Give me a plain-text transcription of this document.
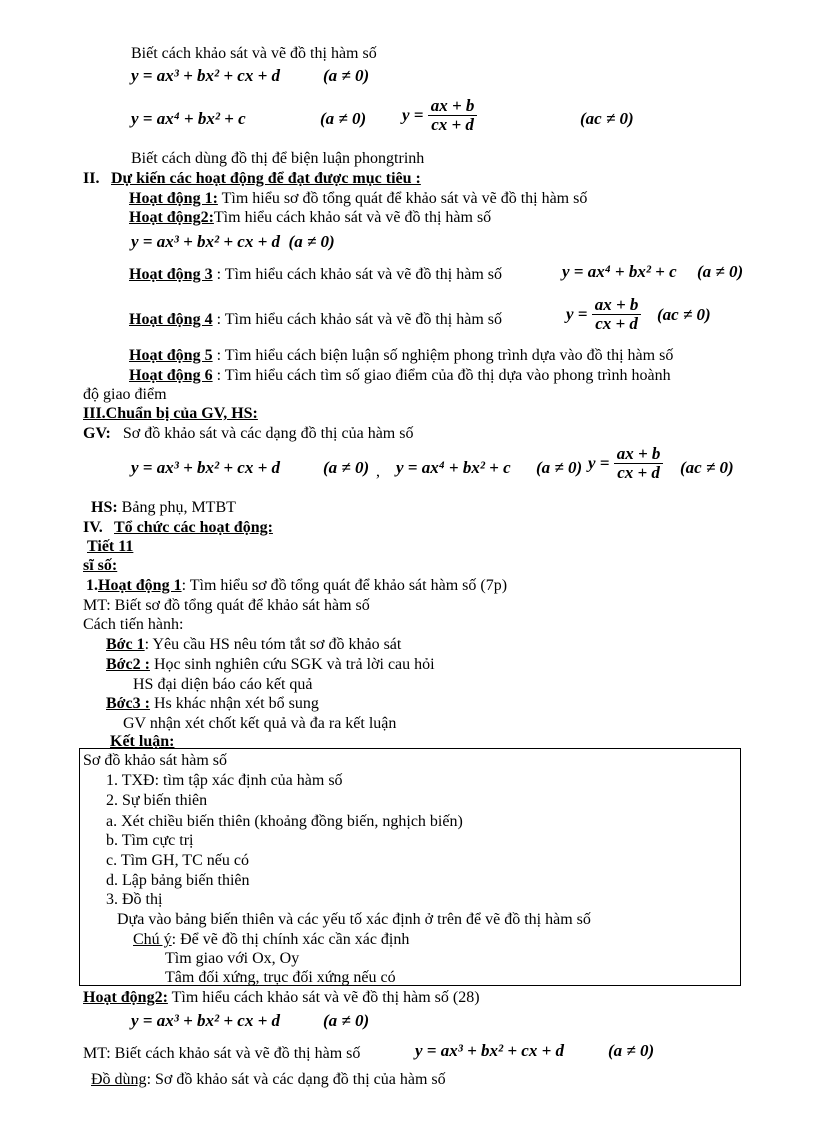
Biết cách khảo sát và vẽ đồ thị hàm số
y = ax³ + bx² + cx + d	(a ≠ 0)
y = ax⁴ + bx² + c	(a ≠ 0) $y = \frac{ax + b}{cx + d}$	(ac ≠ 0)
Biết cách dùng đồ thị để biện luận phongtrinh
II. Dự kiến các hoạt động để đạt được mục tiêu :
Hoạt động 1: Tìm hiểu sơ đồ tổng quát để khảo sát và vẽ đồ thị hàm số
Hoạt động2:Tìm hiểu cách khảo sát và vẽ đồ thị hàm số
y = ax³ + bx² + cx + d (a ≠ 0)
Hoạt động 3 : Tìm hiểu cách khảo sát và vẽ đồ thị hàm số	y = ax⁴ + bx² + c (a ≠ 0)
Hoạt động 4 : Tìm hiểu cách khảo sát và vẽ đồ thị hàm số	$y = \frac{ax + b}{cx + d} (ac \ne 0)$
Hoạt động 5 : Tìm hiểu cách biện luận số nghiệm phong trình dựa vào đồ thị hàm số
Hoạt động 6 : Tìm hiểu cách tìm số giao điểm của đồ thị dựa vào phong trình hoành
độ giao điểm
III.Chuẩn bị của GV, HS:
GV: Sơ đồ khảo sát và các dạng đồ thị của hàm số
y = ax³ + bx² + cx + d	(a ≠ 0) , y = ax⁴ + bx² + c (a ≠ 0) $y = \frac{ax + b}{cx + d} (ac \ne 0)$
HS: Bảng phụ, MTBT
IV. Tổ chức các hoạt động:
Tiết 11
sĩ số:
1.Hoạt động 1: Tìm hiểu sơ đồ tổng quát để khảo sát hàm số (7p)
MT: Biết sơ đồ tổng quát để khảo sát hàm số
Cách tiến hành:
Bớc 1: Yêu cầu HS nêu tóm tắt sơ đồ khảo sát
Bớc2 : Học sinh nghiên cứu SGK và trả lời cau hỏi
HS đại diện báo cáo kết quả
Bớc3 : Hs khác nhận xét bổ sung
GV nhận xét chốt kết quả và đa ra kết luận
Kết luận:
Sơ đồ khảo sát hàm số
1. TXĐ: tìm tập xác định của hàm số
2. Sự biến thiên
a. Xét chiều biến thiên (khoảng đồng biến, nghịch biến)
b. Tìm cực trị
c. Tìm GH, TC nếu có
d. Lập bảng biến thiên
3. Đồ thị
Dựa vào bảng biến thiên và các yếu tố xác định ở trên để vẽ đồ thị hàm số
Chú ý: Để vẽ đồ thị chính xác cần xác định
Tìm giao với Ox, Oy
Tâm đối xứng, trục đối xứng nếu có
Hoạt động2: Tìm hiểu cách khảo sát và vẽ đồ thị hàm số (28)
y = ax³ + bx² + cx + d	(a ≠ 0)
MT: Biết cách khảo sát và vẽ đồ thị hàm số	y = ax³ + bx² + cx + d	(a ≠ 0)
Đồ dùng: Sơ đồ khảo sát và các dạng đồ thị của hàm số
